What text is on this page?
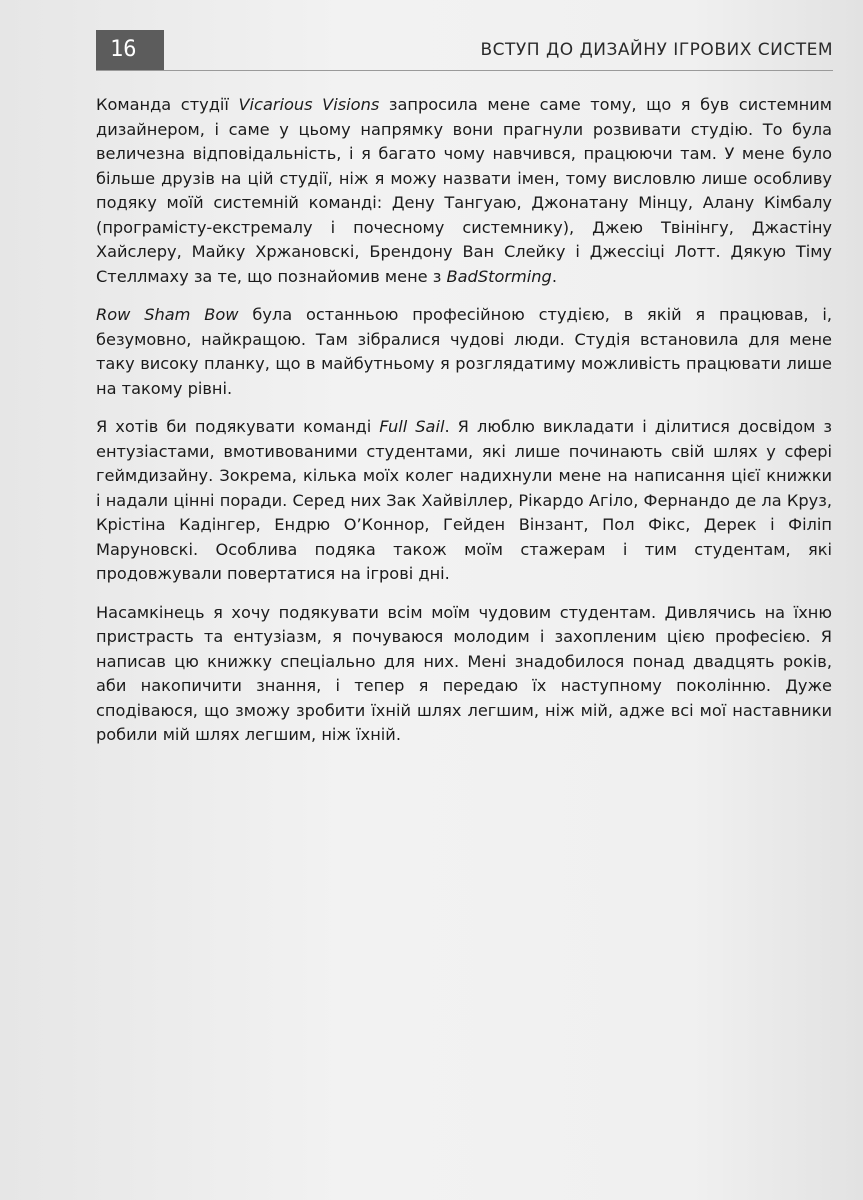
16	ВСТУП ДО ДИЗАЙНУ ІГРОВИХ СИСТЕМ

Команда студії Vicarious Visions запросила мене саме тому, що я був системним дизайнером, і саме у цьому напрямку вони прагнули розвивати студію. То була величезна відповідальність, і я багато чому навчився, працюючи там. У мене було більше друзів на цій студії, ніж я можу назвати імен, тому висловлю лише особливу подяку моїй системній команді: Дену Тангуаю, Джонатану Мінцу, Алану Кімбалу (програмісту-екстремалу і почесному системнику), Джею Твінінгу, Джастіну Хайслеру, Майку Хржановскі, Брендону Ван Слейку і Джессіці Лотт. Дякую Тіму Стеллмаху за те, що познайомив мене з BadStorming.

Row Sham Bow була останньою професійною студією, в якій я працював, і, безумовно, найкращою. Там зібралися чудові люди. Студія встановила для мене таку високу планку, що в майбутньому я розглядатиму можливість працювати лише на такому рівні.

Я хотів би подякувати команді Full Sail. Я люблю викладати і ділитися досвідом з ентузіастами, вмотивованими студентами, які лише починають свій шлях у сфері геймдизайну. Зокрема, кілька моїх колег надихнули мене на написання цієї книжки і надали цінні поради. Серед них Зак Хайвіллер, Рікардо Агіло, Фернандо де ла Круз, Крістіна Кадінгер, Ендрю О’Коннор, Гейден Вінзант, Пол Фікс, Дерек і Філіп Маруновскі. Особлива подяка також моїм стажерам і тим студентам, які продовжували повертатися на ігрові дні.

Насамкінець я хочу подякувати всім моїм чудовим студентам. Дивлячись на їхню пристрасть та ентузіазм, я почуваюся молодим і захопленим цією професією. Я написав цю книжку спеціально для них. Мені знадобилося понад двадцять років, аби накопичити знання, і тепер я передаю їх наступному поколінню. Дуже сподіваюся, що зможу зробити їхній шлях легшим, ніж мій, адже всі мої наставники робили мій шлях легшим, ніж їхній.
